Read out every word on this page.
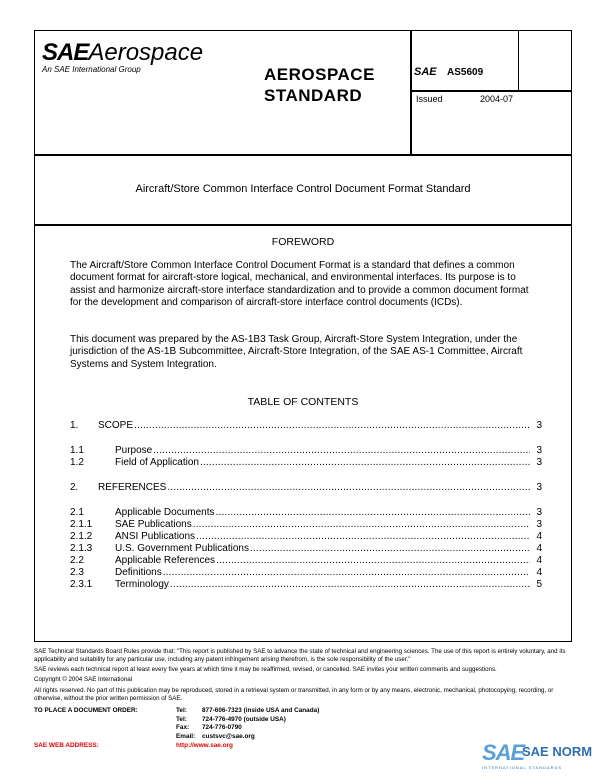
SAEAerospace
An SAE International Group	AEROSPACE
STANDARD
SAE AS5609
Issued	2004-07
Aircraft/Store Common Interface Control Document Format Standard
FOREWORD
The Aircraft/Store Common Interface Control Document Format is a standard that defines a common document format for aircraft-store logical, mechanical, and environmental interfaces. Its purpose is to assist and harmonize aircraft-store interface standardization and to provide a common document format for the development and comparison of aircraft-store interface control documents (ICDs).
This document was prepared by the AS-1B3 Task Group, Aircraft-Store System Integration, under the jurisdiction of the AS-1B Subcommittee, Aircraft-Store Integration, of the SAE AS-1 Committee, Aircraft Systems and System Integration.
TABLE OF CONTENTS
1. SCOPE .....	3
1.1	Purpose .....	3
1.2	Field of Application .....	3
2. REFERENCES .....	3
2.1	Applicable Documents .....	3
2.1.1 SAE Publications .....	3
2.1.2 ANSI Publications .....	4
2.1.3 U.S. Government Publications .....	4
2.2	Applicable References .....	4
2.3	Definitions .....	4
2.3.1 Terminology .....	5
SAE Technical Standards Board Rules provide that: "This report is published by SAE to advance the state of technical and engineering sciences. The use of this report is entirely voluntary, and its applicability and suitability for any particular use, including any patent infringement arising therefrom, is the sole responsibility of the user."
SAE reviews each technical report at least every five years at which time it may be reaffirmed, revised, or cancelled. SAE invites your written comments and suggestions.
Copyright © 2004 SAE International
All rights reserved. No part of this publication may be reproduced, stored in a retrieval system or transmitted, in any form or by any means, electronic, mechanical, photocopying, recording, or otherwise, without the prior written permission of SAE.
TO PLACE A DOCUMENT ORDER:	Tel: 877-606-7323 (inside USA and Canada)
Tel: 724-776-4970 (outside USA)
Fax: 724-776-0790
Email: custsvc@sae.org
SAE WEB ADDRESS:	http://www.sae.org	SAE
SAE NORM
INTERNATIONAL STANDARDS
